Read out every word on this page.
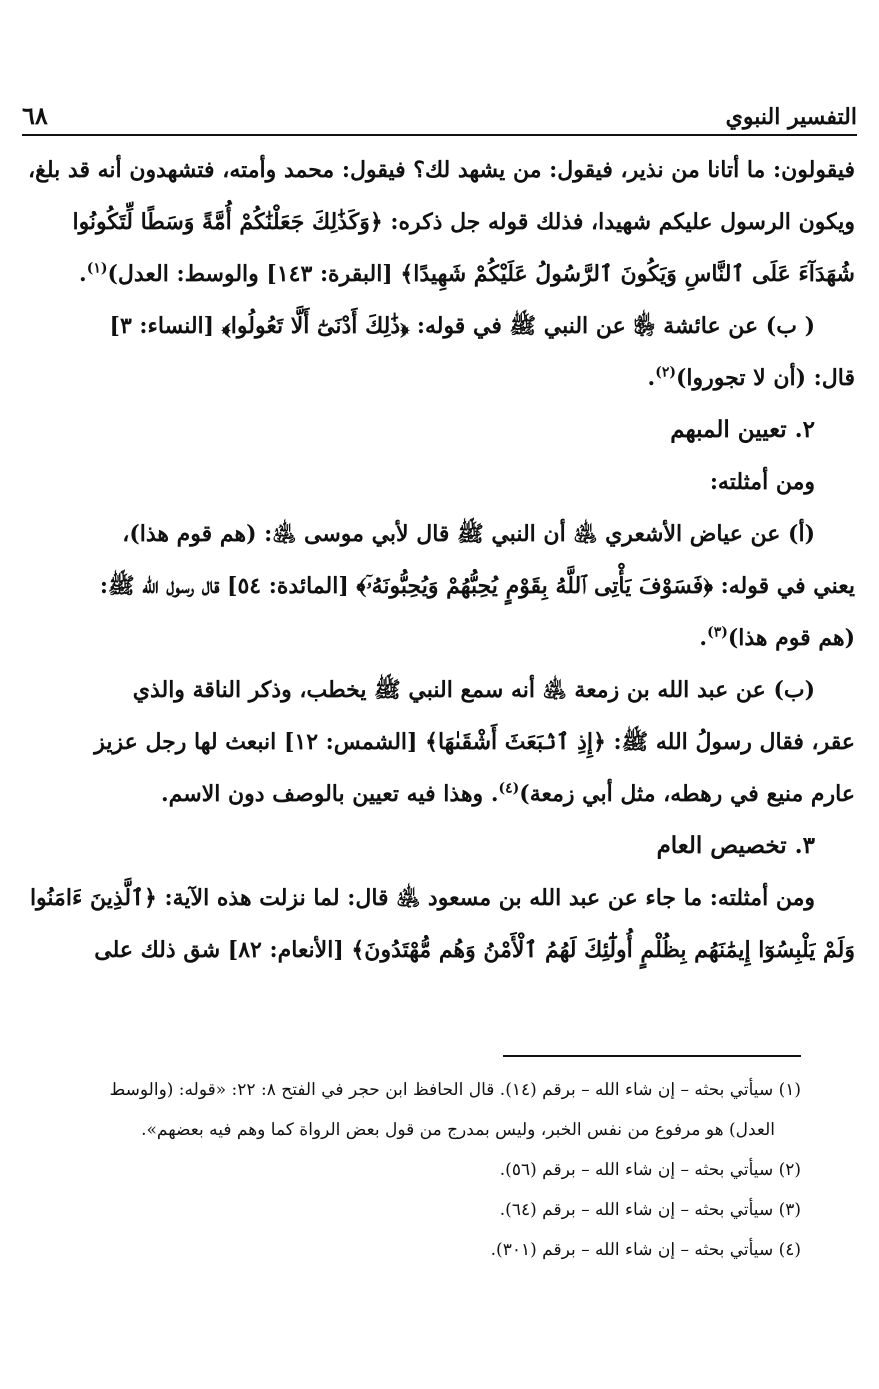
التفسير النبوي
٦٨

فيقولون: ما أتانا من نذير، فيقول: من يشهد لك؟ فيقول: محمد وأمته، فتشهدون أنه قد بلغ،

ويكون الرسول عليكم شهيدا، فذلك قوله جل ذكره: ﴿وَكَذَٰلِكَ جَعَلْنَٰكُمْ أُمَّةً وَسَطًا لِّتَكُونُوا

شُهَدَآءَ عَلَى ٱلنَّاسِ وَيَكُونَ ٱلرَّسُولُ عَلَيْكُمْ شَهِيدًا﴾ [البقرة: ١٤٣] والوسط: العدل)$^{(١)}$.

( ب) عن عائشة ﵂ عن النبي ﷺ في قوله: ﴿ذَٰلِكَ أَدْنَىٰٓ أَلَّا تَعُولُوا﴾ [النساء: ٣]

قال: (أن لا تجوروا)$^{(٢)}$.

٢. تعيين المبهم

ومن أمثلته:

(أ) عن عياض الأشعري ﵁ أن النبي ﷺ قال لأبي موسى ﵁: (هم قوم هذا)،

يعني في قوله: ﴿فَسَوْفَ يَأْتِى ٱللَّهُ بِقَوْمٍ يُحِبُّهُمْ وَيُحِبُّونَهُۥٓ﴾ [المائدة: ٥٤] قال رسول الله ﷺ:

(هم قوم هذا)$^{(٣)}$.

(ب) عن عبد الله بن زمعة ﵁ أنه سمع النبي ﷺ يخطب، وذكر الناقة والذي

عقر، فقال رسولُ الله ﷺ: ﴿إِذِ ٱنۢبَعَثَ أَشْقَىٰهَا﴾ [الشمس: ١٢] انبعث لها رجل عزيز

عارم منيع في رهطه، مثل أبي زمعة)$^{(٤)}$. وهذا فيه تعيين بالوصف دون الاسم.

٣. تخصيص العام

ومن أمثلته: ما جاء عن عبد الله بن مسعود ﵁ قال: لما نزلت هذه الآية: ﴿ٱلَّذِينَ ءَامَنُوا

وَلَمْ يَلْبِسُوٓا إِيمَٰنَهُم بِظُلْمٍ أُولَٰٓئِكَ لَهُمُ ٱلْأَمْنُ وَهُم مُّهْتَدُونَ﴾ [الأنعام: ٨٢] شق ذلك على

(١) سيأتي بحثه – إن شاء الله – برقم (١٤). قال الحافظ ابن حجر في الفتح ٨: ٢٢: «قوله: (والوسط

العدل) هو مرفوع من نفس الخبر، وليس بمدرج من قول بعض الرواة كما وهم فيه بعضهم».

(٢) سيأتي بحثه – إن شاء الله – برقم (٥٦).

(٣) سيأتي بحثه – إن شاء الله – برقم (٦٤).

(٤) سيأتي بحثه – إن شاء الله – برقم (٣٠١).
